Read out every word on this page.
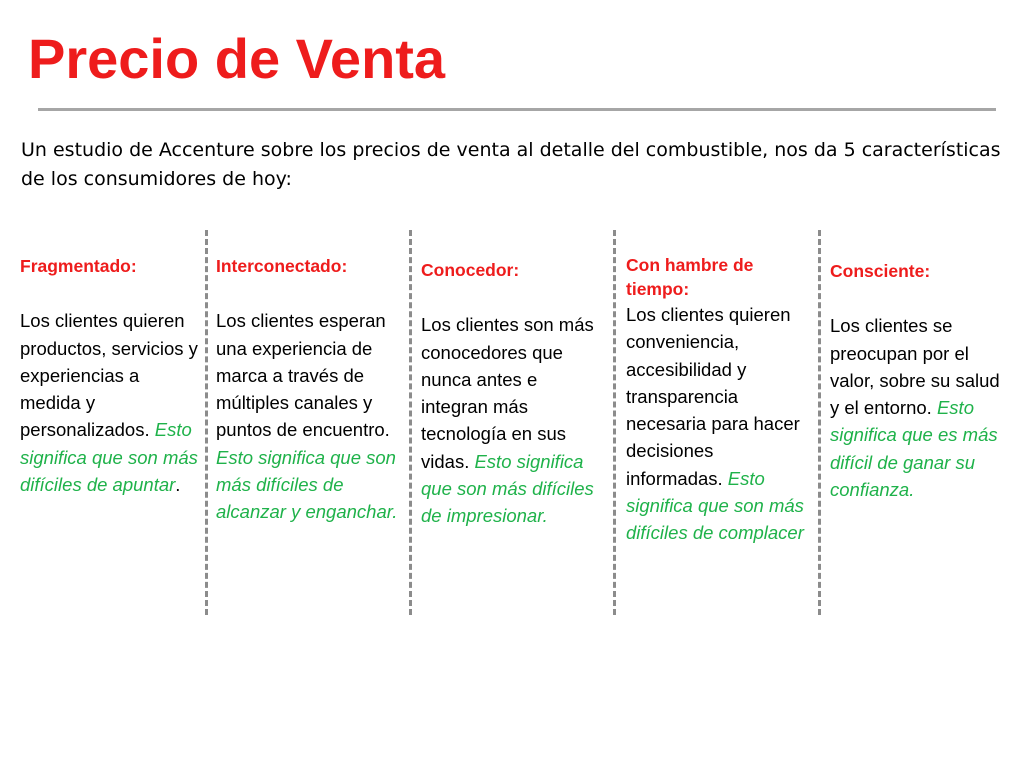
Precio de Venta
Un estudio de Accenture sobre los precios de venta al detalle del combustible, nos da 5 características de los consumidores de hoy:
Fragmentado:
Los clientes quieren productos, servicios y experiencias a medida y personalizados. Esto significa que son más difíciles de apuntar.
Interconectado:
Los clientes esperan una experiencia de marca a través de múltiples canales y puntos de encuentro. Esto significa que son más difíciles de alcanzar y enganchar.
Conocedor:
Los clientes son más conocedores que nunca antes e integran más tecnología en sus vidas. Esto significa que son más difíciles de impresionar.
Con hambre de tiempo:
Los clientes quieren conveniencia, accesibilidad y transparencia necesaria para hacer decisiones informadas. Esto significa que son más difíciles de complacer
Consciente:
Los clientes se preocupan por el valor, sobre su salud y el entorno. Esto significa que es más difícil de ganar su confianza.
